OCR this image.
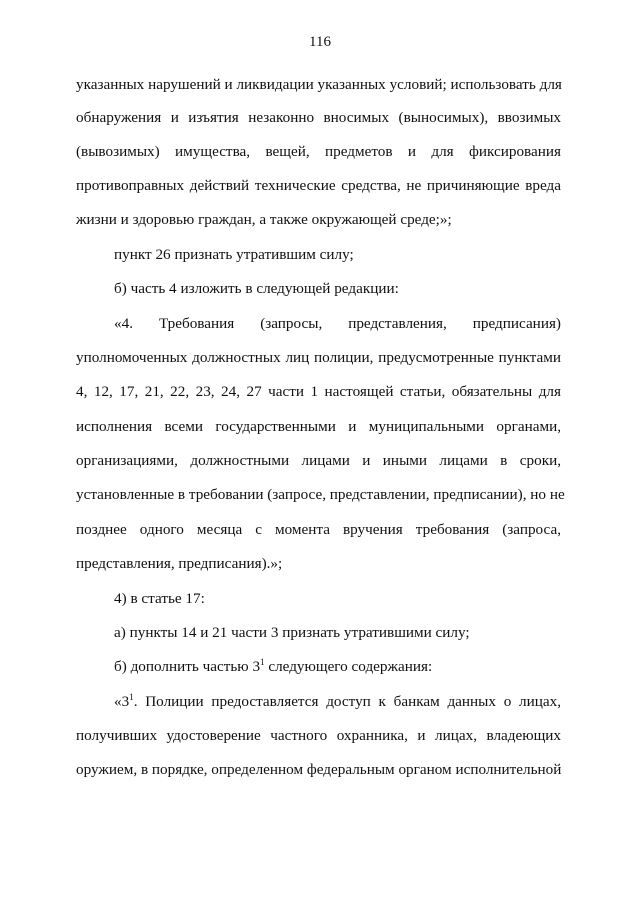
116
указанных нарушений и ликвидации указанных условий; использовать для
обнаружения и изъятия незаконно вносимых (выносимых), ввозимых
(вывозимых) имущества, вещей, предметов и для фиксирования
противоправных действий технические средства, не причиняющие вреда
жизни и здоровью граждан, а также окружающей среде;»;
пункт 26 признать утратившим силу;
б) часть 4 изложить в следующей редакции:
«4. Требования (запросы, представления, предписания)
уполномоченных должностных лиц полиции, предусмотренные пунктами
4, 12, 17, 21, 22, 23, 24, 27 части 1 настоящей статьи, обязательны для
исполнения всеми государственными и муниципальными органами,
организациями, должностными лицами и иными лицами в сроки,
установленные в требовании (запросе, представлении, предписании), но не
позднее одного месяца с момента вручения требования (запроса,
представления, предписания).»;
4) в статье 17:
а) пункты 14 и 21 части 3 признать утратившими силу;
б) дополнить частью $3^1$ следующего содержания:
«$3^1$. Полиции предоставляется доступ к банкам данных о лицах,
получивших удостоверение частного охранника, и лицах, владеющих
оружием, в порядке, определенном федеральным органом исполнительной
